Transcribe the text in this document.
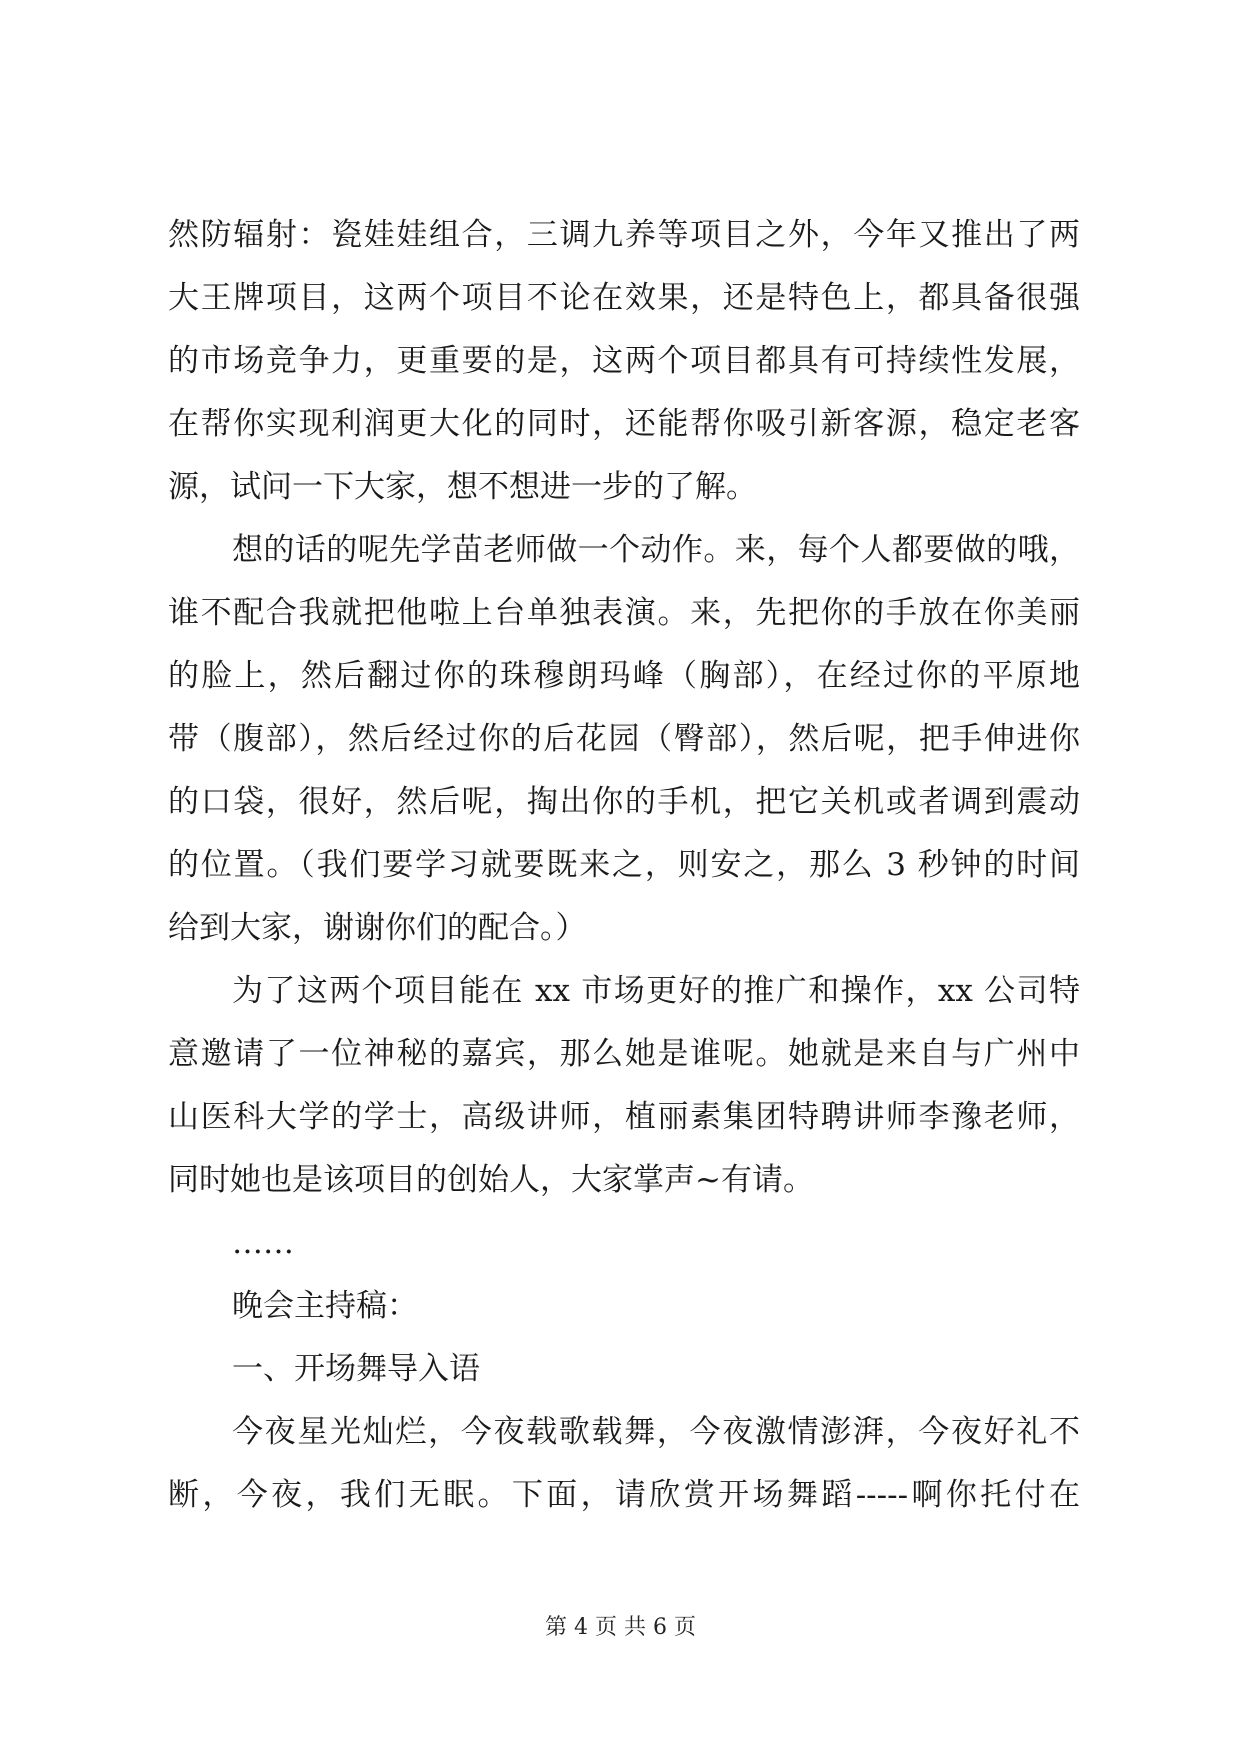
然防辐射：瓷娃娃组合，三调九养等项目之外，今年又推出了两
大王牌项目，这两个项目不论在效果，还是特色上，都具备很强
的市场竞争力，更重要的是，这两个项目都具有可持续性发展，
在帮你实现利润更大化的同时，还能帮你吸引新客源，稳定老客
源，试问一下大家，想不想进一步的了解。
想的话的呢先学苗老师做一个动作。来，每个人都要做的哦，
谁不配合我就把他啦上台单独表演。来，先把你的手放在你美丽
的脸上，然后翻过你的珠穆朗玛峰（胸部），在经过你的平原地
带（腹部），然后经过你的后花园（臀部），然后呢，把手伸进你
的口袋，很好，然后呢，掏出你的手机，把它关机或者调到震动
的位置。（我们要学习就要既来之，则安之，那么 3 秒钟的时间
给到大家，谢谢你们的配合。）
为了这两个项目能在 xx 市场更好的推广和操作，xx 公司特
意邀请了一位神秘的嘉宾，那么她是谁呢。她就是来自与广州中
山医科大学的学士，高级讲师，植丽素集团特聘讲师李豫老师，
同时她也是该项目的创始人，大家掌声~有请。
……
晚会主持稿：
一、开场舞导入语
今夜星光灿烂，今夜载歌载舞，今夜激情澎湃，今夜好礼不
断，今夜，我们无眠。下面，请欣赏开场舞蹈-----啊你托付在
第 4 页 共 6 页
